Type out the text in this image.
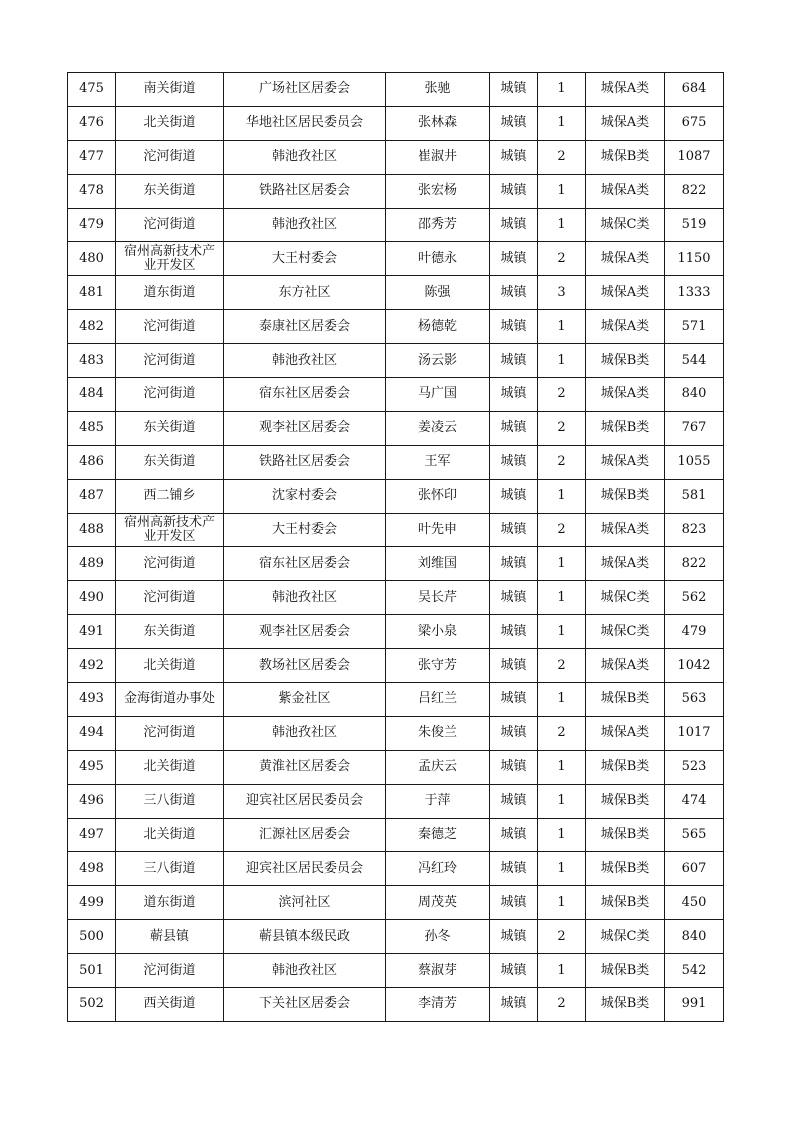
475	南关街道	广场社区居委会	张驰	城镇	1	城保A类	684
476	北关街道	华地社区居民委员会	张林森	城镇	1	城保A类	675
477	沱河街道	韩池孜社区	崔淑井	城镇	2	城保B类	1087
478	东关街道	铁路社区居委会	张宏杨	城镇	1	城保A类	822
479	沱河街道	韩池孜社区	邵秀芳	城镇	1	城保C类	519
480	宿州高新技术产业开发区	大王村委会	叶德永	城镇	2	城保A类	1150
481	道东街道	东方社区	陈强	城镇	3	城保A类	1333
482	沱河街道	泰康社区居委会	杨德乾	城镇	1	城保A类	571
483	沱河街道	韩池孜社区	汤云影	城镇	1	城保B类	544
484	沱河街道	宿东社区居委会	马广国	城镇	2	城保A类	840
485	东关街道	观李社区居委会	姜凌云	城镇	2	城保B类	767
486	东关街道	铁路社区居委会	王军	城镇	2	城保A类	1055
487	西二铺乡	沈家村委会	张怀印	城镇	1	城保B类	581
488	宿州高新技术产业开发区	大王村委会	叶先申	城镇	2	城保A类	823
489	沱河街道	宿东社区居委会	刘维国	城镇	1	城保A类	822
490	沱河街道	韩池孜社区	吴长芹	城镇	1	城保C类	562
491	东关街道	观李社区居委会	梁小泉	城镇	1	城保C类	479
492	北关街道	教场社区居委会	张守芳	城镇	2	城保A类	1042
493	金海街道办事处	紫金社区	吕红兰	城镇	1	城保B类	563
494	沱河街道	韩池孜社区	朱俊兰	城镇	2	城保A类	1017
495	北关街道	黄淮社区居委会	孟庆云	城镇	1	城保B类	523
496	三八街道	迎宾社区居民委员会	于萍	城镇	1	城保B类	474
497	北关街道	汇源社区居委会	秦德芝	城镇	1	城保B类	565
498	三八街道	迎宾社区居民委员会	冯红玲	城镇	1	城保B类	607
499	道东街道	滨河社区	周茂英	城镇	1	城保B类	450
500	蕲县镇	蕲县镇本级民政	孙冬	城镇	2	城保C类	840
501	沱河街道	韩池孜社区	蔡淑芽	城镇	1	城保B类	542
502	西关街道	下关社区居委会	李清芳	城镇	2	城保B类	991
